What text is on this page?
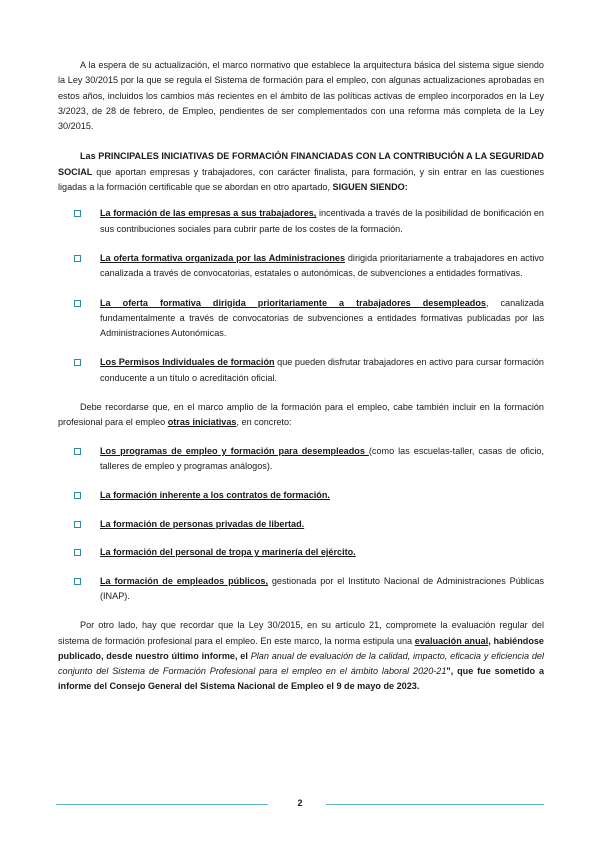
A la espera de su actualización, el marco normativo que establece la arquitectura básica del sistema sigue siendo la Ley 30/2015 por la que se regula el Sistema de formación para el empleo, con algunas actualizaciones aprobadas en estos años, incluidos los cambios más recientes en el ámbito de las políticas activas de empleo incorporados en la Ley 3/2023, de 28 de febrero, de Empleo, pendientes de ser complementados con una reforma más completa de la Ley 30/2015.

Las PRINCIPALES INICIATIVAS DE FORMACIÓN FINANCIADAS CON LA CONTRIBUCIÓN A LA SEGURIDAD SOCIAL que aportan empresas y trabajadores, con carácter finalista, para formación, y sin entrar en las cuestiones ligadas a la formación certificable que se abordan en otro apartado, SIGUEN SIENDO:

La formación de las empresas a sus trabajadores, incentivada a través de la posibilidad de bonificación en sus contribuciones sociales para cubrir parte de los costes de la formación.
La oferta formativa organizada por las Administraciones dirigida prioritariamente a trabajadores en activo canalizada a través de convocatorias, estatales o autonómicas, de subvenciones a entidades formativas.
La oferta formativa dirigida prioritariamente a trabajadores desempleados, canalizada fundamentalmente a través de convocatorias de subvenciones a entidades formativas publicadas por las Administraciones Autonómicas.
Los Permisos Individuales de formación que pueden disfrutar trabajadores en activo para cursar formación conducente a un título o acreditación oficial.

Debe recordarse que, en el marco amplio de la formación para el empleo, cabe también incluir en la formación profesional para el empleo otras iniciativas, en concreto:

Los programas de empleo y formación para desempleados (como las escuelas-taller, casas de oficio, talleres de empleo y programas análogos).
La formación inherente a los contratos de formación.
La formación de personas privadas de libertad.
La formación del personal de tropa y marinería del ejército.
La formación de empleados públicos, gestionada por el Instituto Nacional de Administraciones Públicas (INAP).

Por otro lado, hay que recordar que la Ley 30/2015, en su artículo 21, compromete la evaluación regular del sistema de formación profesional para el empleo. En este marco, la norma estipula una evaluación anual, habiéndose publicado, desde nuestro último informe, el Plan anual de evaluación de la calidad, impacto, eficacia y eficiencia del conjunto del Sistema de Formación Profesional para el empleo en el ámbito laboral 2020-21", que fue sometido a informe del Consejo General del Sistema Nacional de Empleo el 9 de mayo de 2023.

2
